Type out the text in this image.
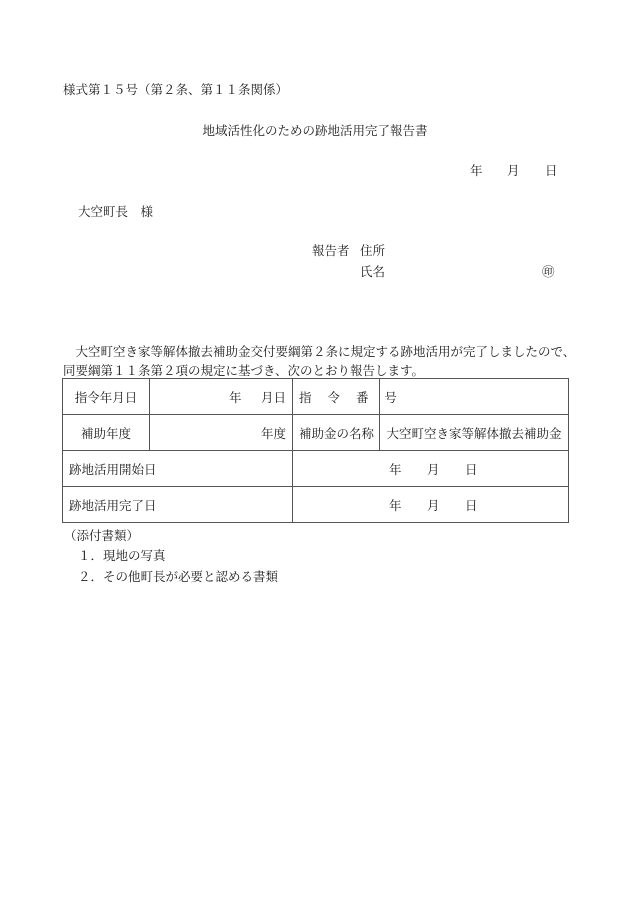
様式第１５号（第２条、第１１条関係）
地域活性化のための跡地活用完了報告書
年 月 日
大空町長　様
報告者 住所
氏名	㊞
　大空町空き家等解体撤去補助金交付要綱第２条に規定する跡地活用が完了しましたので、
同要綱第１１条第２項の規定に基づき、次のとおり報告します。
指令年月日	年 月日	指 令 番 号	
補助年度	年度	補助金の名称	大空町空き家等解体撤去補助金
跡地活用開始日		年 月 日	
跡地活用完了日		年 月 日	
（添付書類）
１．現地の写真
２．その他町長が必要と認める書類
